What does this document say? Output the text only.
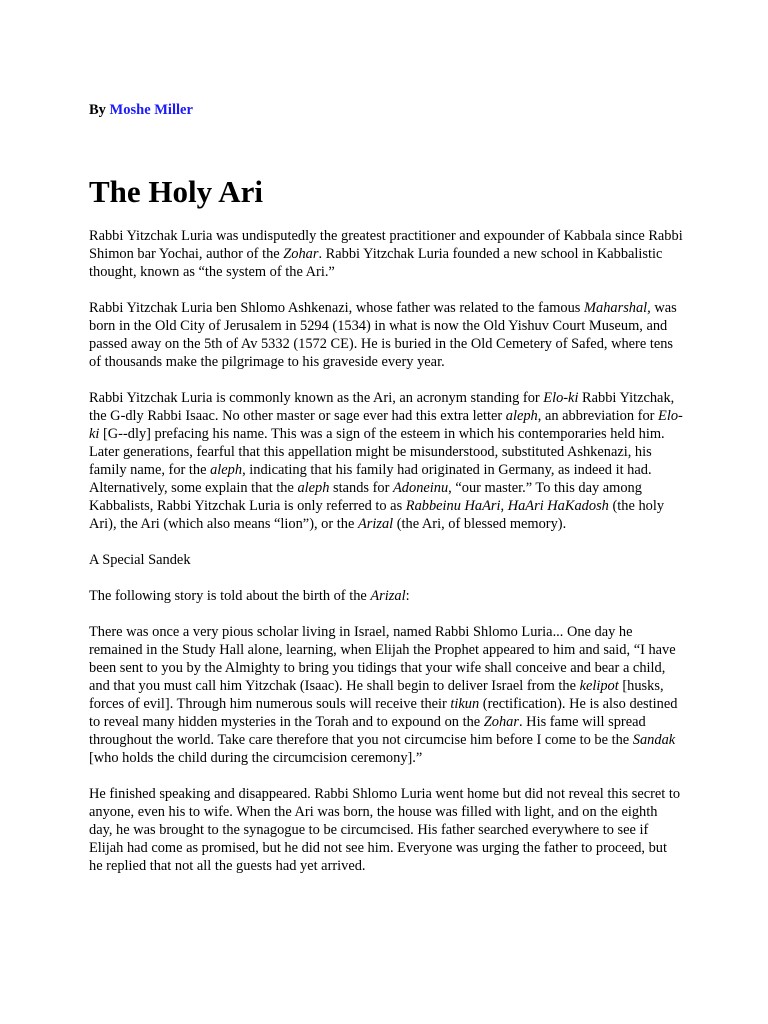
By Moshe Miller
The Holy Ari

Rabbi Yitzchak Luria was undisputedly the greatest practitioner and expounder of Kabbala since Rabbi Shimon bar Yochai, author of the Zohar. Rabbi Yitzchak Luria founded a new school in Kabbalistic thought, known as “the system of the Ari.”

Rabbi Yitzchak Luria ben Shlomo Ashkenazi, whose father was related to the famous Maharshal, was born in the Old City of Jerusalem in 5294 (1534) in what is now the Old Yishuv Court Museum, and passed away on the 5th of Av 5332 (1572 CE). He is buried in the Old Cemetery of Safed, where tens of thousands make the pilgrimage to his graveside every year.

Rabbi Yitzchak Luria is commonly known as the Ari, an acronym standing for Elo-ki Rabbi Yitzchak, the G-dly Rabbi Isaac. No other master or sage ever had this extra letter aleph, an abbreviation for Elo-ki [G--dly] prefacing his name. This was a sign of the esteem in which his contemporaries held him. Later generations, fearful that this appellation might be misunderstood, substituted Ashkenazi, his family name, for the aleph, indicating that his family had originated in Germany, as indeed it had. Alternatively, some explain that the aleph stands for Adoneinu, “our master.” To this day among Kabbalists, Rabbi Yitzchak Luria is only referred to as Rabbeinu HaAri, HaAri HaKadosh (the holy Ari), the Ari (which also means “lion”), or the Arizal (the Ari, of blessed memory).

A Special Sandek

The following story is told about the birth of the Arizal:

There was once a very pious scholar living in Israel, named Rabbi Shlomo Luria... One day he remained in the Study Hall alone, learning, when Elijah the Prophet appeared to him and said, “I have been sent to you by the Almighty to bring you tidings that your wife shall conceive and bear a child, and that you must call him Yitzchak (Isaac). He shall begin to deliver Israel from the kelipot [husks, forces of evil]. Through him numerous souls will receive their tikun (rectification). He is also destined to reveal many hidden mysteries in the Torah and to expound on the Zohar. His fame will spread throughout the world. Take care therefore that you not circumcise him before I come to be the Sandak [who holds the child during the circumcision ceremony].”

He finished speaking and disappeared. Rabbi Shlomo Luria went home but did not reveal this secret to anyone, even his to wife. When the Ari was born, the house was filled with light, and on the eighth day, he was brought to the synagogue to be circumcised. His father searched everywhere to see if Elijah had come as promised, but he did not see him. Everyone was urging the father to proceed, but he replied that not all the guests had yet arrived.
